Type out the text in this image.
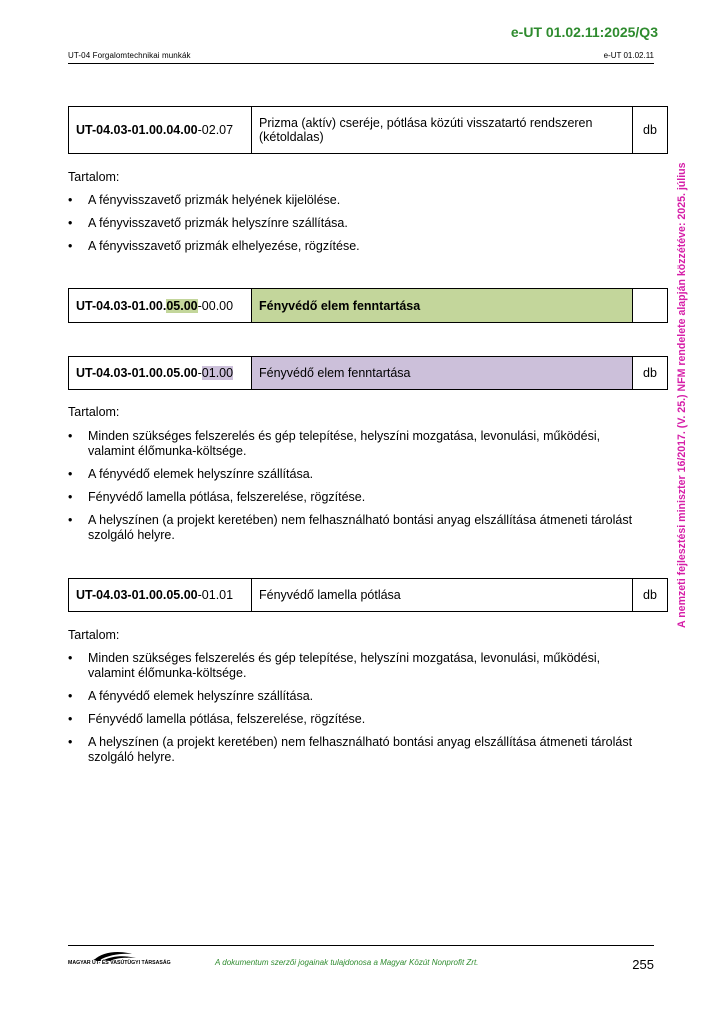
e-UT 01.02.11:2025/Q3
UT-04 Forgalomtechnikai munkák	e-UT 01.02.11
A nemzeti fejlesztési miniszter 16/2017. (V. 25.) NFM rendelete alapján közzétéve: 2025. július
UT-04.03-01.00.04.00-02.07	Prizma (aktív) cseréje, pótlása közúti visszatartó rendszeren (kétoldalas)	db
Tartalom:
• A fényvisszavető prizmák helyének kijelölése.
• A fényvisszavető prizmák helyszínre szállítása.
• A fényvisszavető prizmák elhelyezése, rögzítése.
UT-04.03-01.00.05.00-00.00	Fényvédő elem fenntartása	
UT-04.03-01.00.05.00-01.00	Fényvédő elem fenntartása	db
Tartalom:
• Minden szükséges felszerelés és gép telepítése, helyszíni mozgatása, levonulási, működési, valamint élőmunka-költsége.
• A fényvédő elemek helyszínre szállítása.
• Fényvédő lamella pótlása, felszerelése, rögzítése.
• A helyszínen (a projekt keretében) nem felhasználható bontási anyag elszállítása átmeneti tárolást szolgáló helyre.
UT-04.03-01.00.05.00-01.01	Fényvédő lamella pótlása	db
Tartalom:
• Minden szükséges felszerelés és gép telepítése, helyszíni mozgatása, levonulási, működési, valamint élőmunka-költsége.
• A fényvédő elemek helyszínre szállítása.
• Fényvédő lamella pótlása, felszerelése, rögzítése.
• A helyszínen (a projekt keretében) nem felhasználható bontási anyag elszállítása átmeneti tárolást szolgáló helyre.
MAGYAR ÚT- ÉS VASÚTÜGYI TÁRSASÁG	A dokumentum szerzői jogainak tulajdonosa a Magyar Közút Nonprofit Zrt.	255
